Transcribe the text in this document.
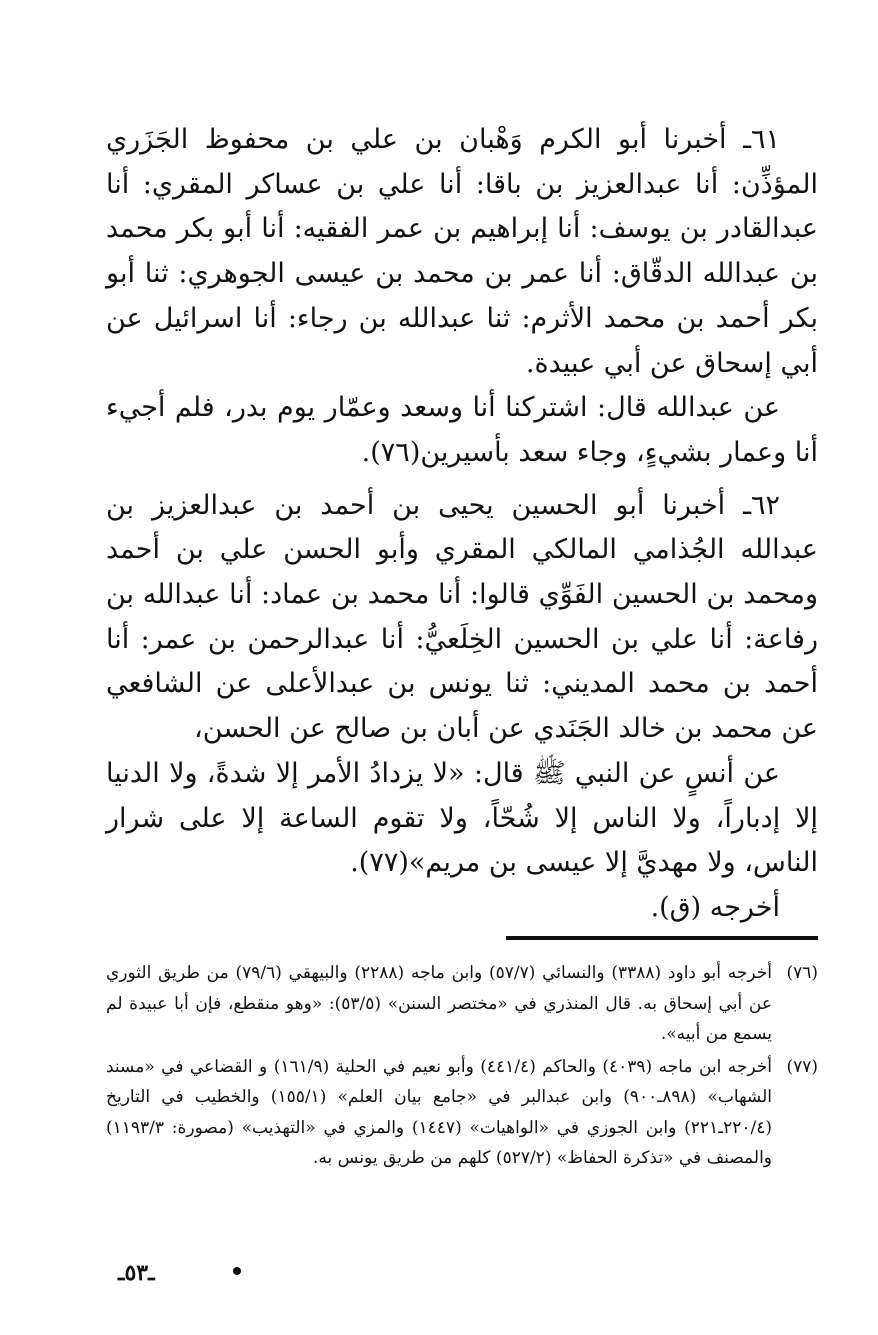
٦١ـ أخبرنا أبو الكرم وَهْبان بن علي بن محفوظ الجَزَري المؤذِّن: أنا عبدالعزيز بن باقا: أنا علي بن عساكر المقري: أنا عبدالقادر بن يوسف: أنا إبراهيم بن عمر الفقيه: أنا أبو بكر محمد بن عبدالله الدقّاق: أنا عمر بن محمد بن عيسى الجوهري: ثنا أبو بكر أحمد بن محمد الأثرم: ثنا عبدالله بن رجاء: أنا اسرائيل عن أبي إسحاق عن أبي عبيدة.

عن عبدالله قال: اشتركنا أنا وسعد وعمّار يوم بدر، فلم أجيء أنا وعمار بشيءٍ، وجاء سعد بأسيرين(٧٦).

٦٢ـ أخبرنا أبو الحسين يحيى بن أحمد بن عبدالعزيز بن عبدالله الجُذامي المالكي المقري وأبو الحسن علي بن أحمد ومحمد بن الحسين الفَوِّي قالوا: أنا محمد بن عماد: أنا عبدالله بن رفاعة: أنا علي بن الحسين الخِلَعيُّ: أنا عبدالرحمن بن عمر: أنا أحمد بن محمد المديني: ثنا يونس بن عبدالأعلى عن الشافعي عن محمد بن خالد الجَنَدي عن أبان بن صالح عن الحسن،

عن أنسٍ عن النبي ﷺ قال: «لا يزدادُ الأمر إلا شدةً، ولا الدنيا إلا إدباراً، ولا الناس إلا شُحّاً، ولا تقوم الساعة إلا على شرار الناس، ولا مهديَّ إلا عيسى بن مريم»(٧٧).

أخرجه (ق).

(٧٦)
أخرجه أبو داود (٣٣٨٨) والنسائي (٥٧/٧) وابن ماجه (٢٢٨٨) والبيهقي (٧٩/٦) من طريق الثوري عن أبي إسحاق به. قال المنذري في «مختصر السنن» (٥٣/٥): «وهو منقطع، فإن أبا عبيدة لم يسمع من أبيه».
(٧٧)
أخرجه ابن ماجه (٤٠٣٩) والحاكم (٤٤١/٤) وأبو نعيم في الحلية (١٦١/٩) و القضاعي في «مسند الشهاب» (٨٩٨ـ٩٠٠) وابن عبدالبر في «جامع بيان العلم» (١٥٥/١) والخطيب في التاريخ (٢٢٠/٤ـ٢٢١) وابن الجوزي في «الواهيات» (١٤٤٧) والمزي في «التهذيب» (مصورة: ١١٩٣/٣) والمصنف في «تذكرة الحفاظ» (٥٢٧/٢) كلهم من طريق يونس به.
ـ٥٣ـ
